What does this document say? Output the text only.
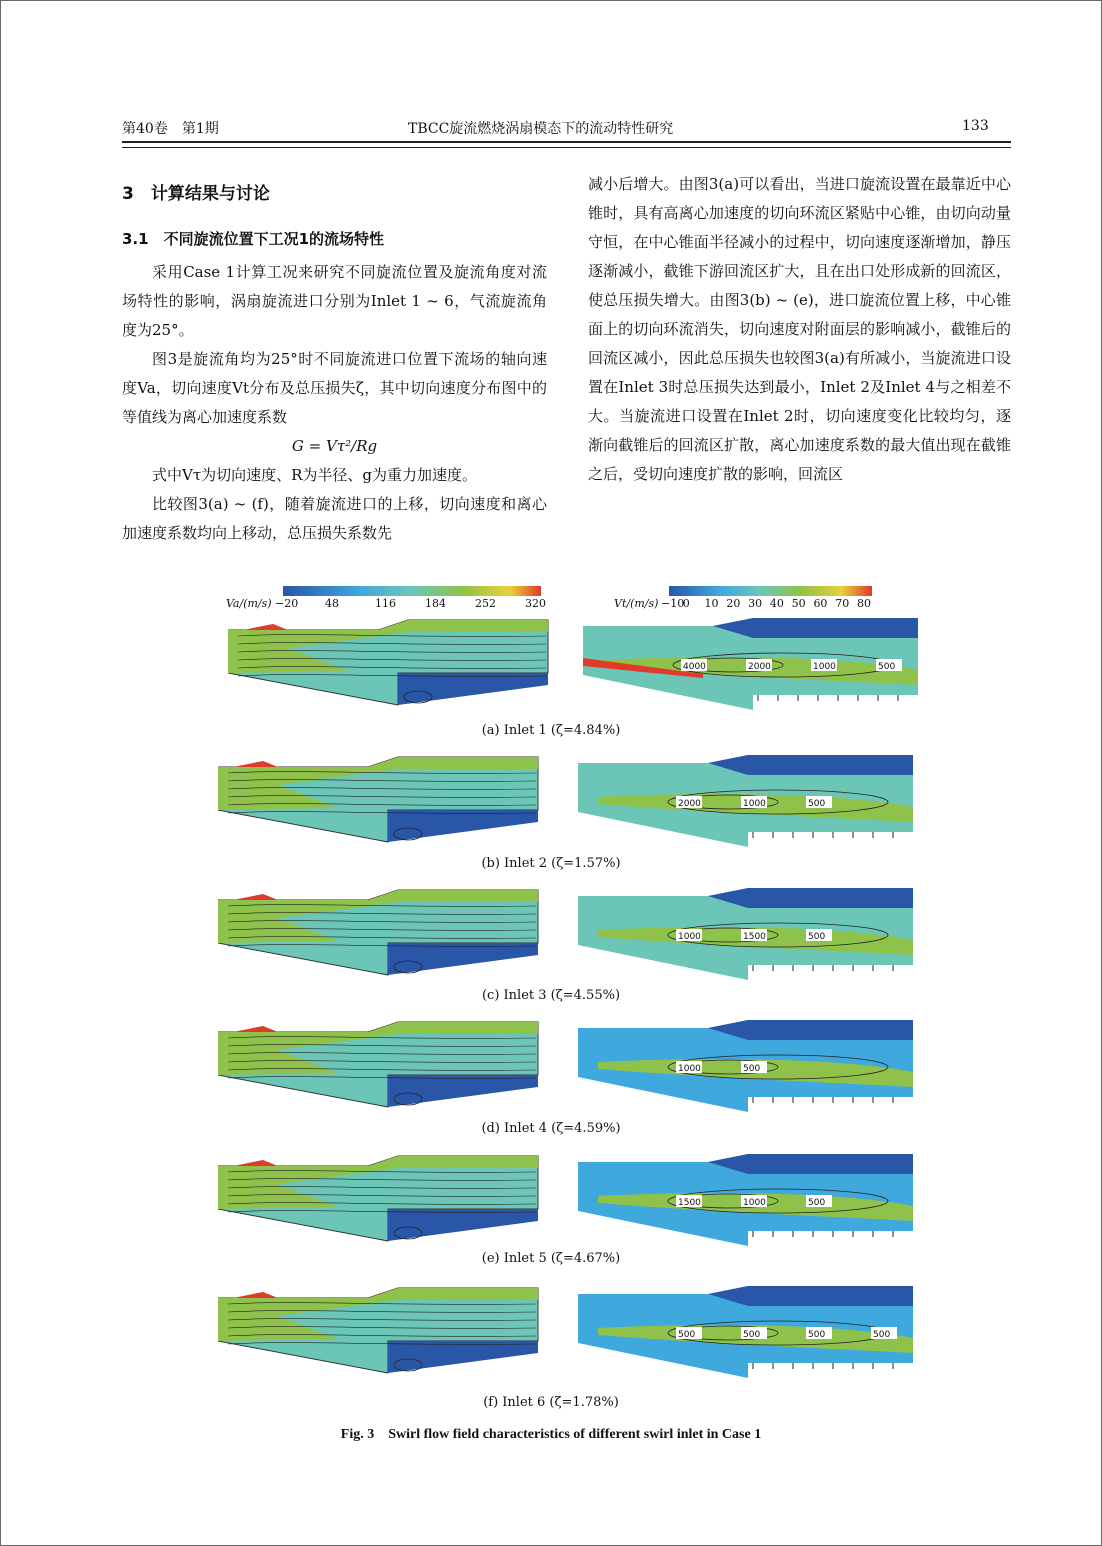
第40卷　第1期	TBCC旋流燃烧涡扇模态下的流动特性研究	133

3　计算结果与讨论

3.1　不同旋流位置下工况1的流场特性

采用Case 1计算工况来研究不同旋流位置及旋流角度对流场特性的影响，涡扇旋流进口分别为Inlet 1 ~ 6，气流旋流角度为25°。

图3是旋流角均为25°时不同旋流进口位置下流场的轴向速度Va，切向速度Vt分布及总压损失ζ，其中切向速度分布图中的等值线为离心加速度系数

G = Vτ²/Rg

式中Vτ为切向速度、R为半径、g为重力加速度。

比较图3(a) ~ (f)，随着旋流进口的上移，切向速度和离心加速度系数均向上移动，总压损失系数先

减小后增大。由图3(a)可以看出，当进口旋流设置在最靠近中心锥时，具有高离心加速度的切向环流区紧贴中心锥，由切向动量守恒，在中心锥面半径减小的过程中，切向速度逐渐增加，静压逐渐减小，截锥下游回流区扩大，且在出口处形成新的回流区，使总压损失增大。由图3(b) ~ (e)，进口旋流位置上移，中心锥面上的切向环流消失，切向速度对附面层的影响减小，截锥后的回流区减小，因此总压损失也较图3(a)有所减小，当旋流进口设置在Inlet 3时总压损失达到最小，Inlet 2及Inlet 4与之相差不大。当旋流进口设置在Inlet 2时，切向速度变化比较均匀，逐渐向截锥后的回流区扩散，离心加速度系数的最大值出现在截锥之后，受切向速度扩散的影响，回流区

Va/(m/s) −20 48	116	184	252	320	Vt/(m/s) −10
0 10 20 30 40 50 60 70 80
4000	2000	1000	500
(a) Inlet 1 (ζ=4.84%)
2000	1000	500
(b) Inlet 2 (ζ=1.57%)
1000	1500	500
(c) Inlet 3 (ζ=4.55%)
1000	500
(d) Inlet 4 (ζ=4.59%)
1500	1000	500
(e) Inlet 5 (ζ=4.67%)
500	500	500	500
(f) Inlet 6 (ζ=1.78%)
Fig. 3　Swirl flow field characteristics of different swirl inlet in Case 1
